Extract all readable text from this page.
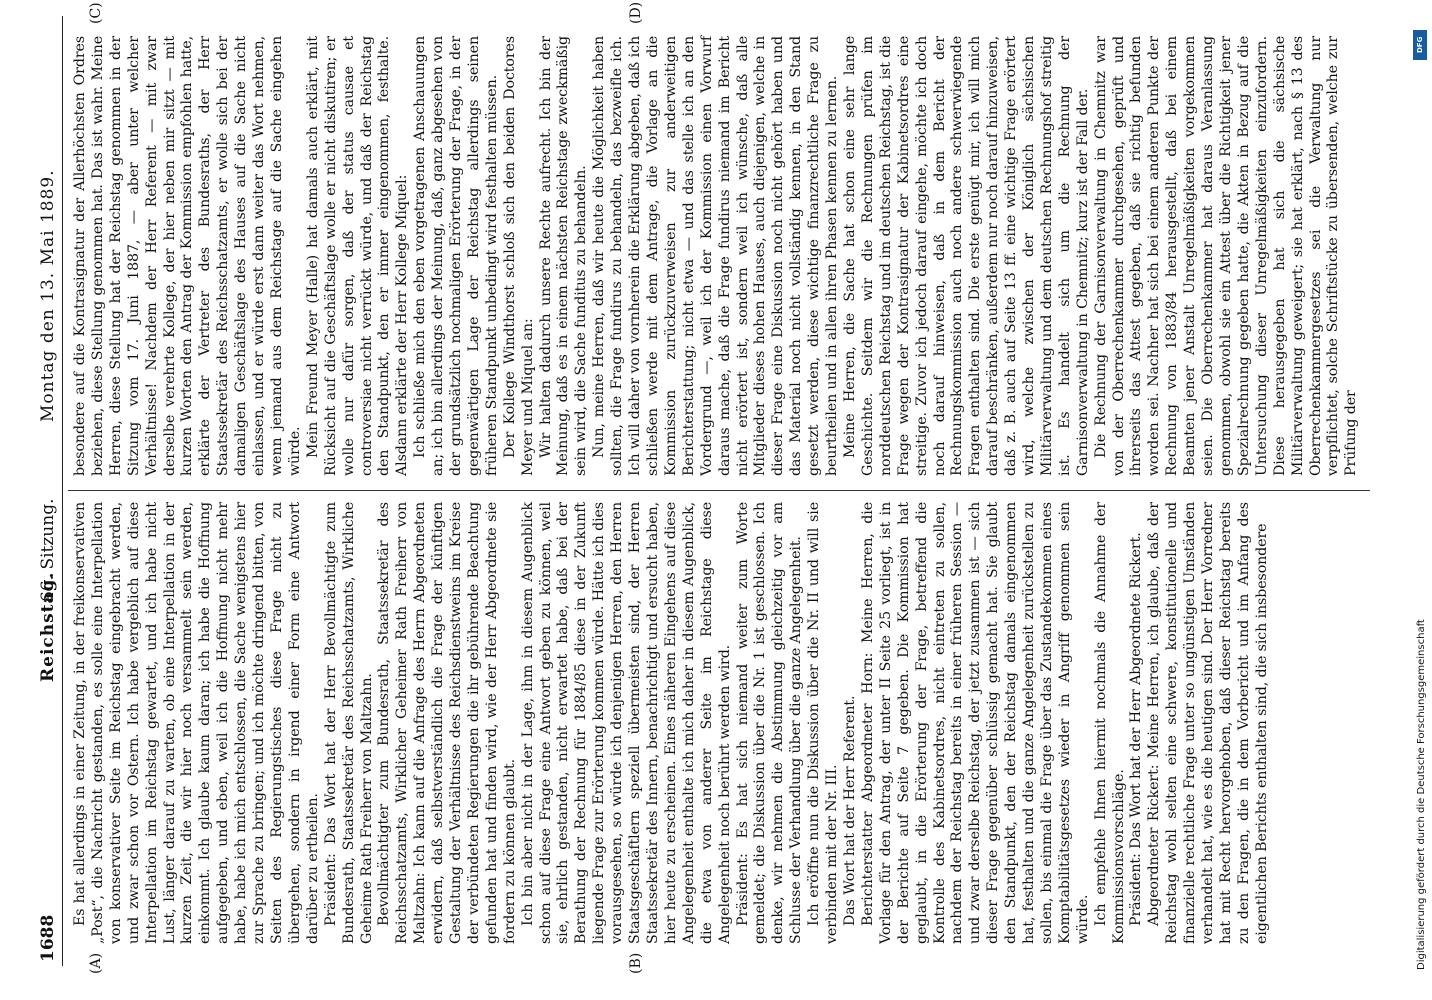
1688
Reichstag.
66. Sitzung.
Montag den 13. Mai 1889.
(A)	(B)
(C)	(D)

Es hat allerdings in einer Zeitung, in der freikonservativen „Post“, die Nachricht gestanden, es solle eine Interpellation von konservativer Seite im Reichstag eingebracht werden, und zwar schon vor Ostern. Ich habe vergeblich auf diese Interpellation im Reichstag gewartet, und ich habe nicht Lust, länger darauf zu warten, ob eine Interpellation in der kurzen Zeit, die wir hier noch versammelt sein werden, einkommt. Ich glaube kaum daran; ich habe die Hoffnung aufgegeben, und eben, weil ich die Hoffnung nicht mehr habe, habe ich mich entschlossen, die Sache wenigstens hier zur Sprache zu bringen; und ich möchte dringend bitten, von Seiten des Regierungstisches diese Frage nicht zu übergehen, sondern in irgend einer Form eine Antwort darüber zu ertheilen. Präsident: Das Wort hat der Herr Bevollmächtigte zum Bundesrath, Staatssekretär des Reichsschatzamts, Wirkliche Geheime Rath Freiherr von Maltzahn. Bevollmächtigter zum Bundesrath, Staatssekretär des Reichsschatzamts, Wirklicher Geheimer Rath Freiherr von Maltzahn: Ich kann auf die Anfrage des Herrn Abgeordneten erwidern, daß selbstverständlich die Frage der künftigen Gestaltung der Verhältnisse des Reichsdienstweins im Kreise der verbündeten Regierungen die ihr gebührende Beachtung gefunden hat und finden wird, wie der Herr Abgeordnete sie fordern zu können glaubt. Ich bin aber nicht in der Lage, ihm in diesem Augenblick schon auf diese Frage eine Antwort geben zu können, weil sie, ehrlich gestanden, nicht erwartet habe, daß bei der Berathung der Rechnung für 1884/85 diese in der Zukunft liegende Frage zur Erörterung kommen würde. Hätte ich dies vorausgesehen, so würde ich denjenigen Herren, den Herren Staatsgeschäftlern speziell übermeisten sind, der Herren Staatssekretär des Innern, benachrichtigt und ersucht haben, hier heute zu erscheinen. Eines näheren Eingehens auf diese Angelegenheit enthalte ich mich daher in diesem Augenblick, die etwa von anderer Seite im Reichstage diese Angelegenheit noch berührt werden wird. Präsident: Es hat sich niemand weiter zum Worte gemeldet; die Diskussion über die Nr. 1 ist geschlossen. Ich denke, wir nehmen die Abstimmung gleichzeitig vor am Schlusse der Verhandlung über die ganze Angelegenheit. Ich eröffne nun die Diskussion über die Nr. II und will sie verbinden mit der Nr. III. Das Wort hat der Herr Referent. Berichterstatter Abgeordneter Horn: Meine Herren, die Vorlage für den Antrag, der unter II Seite 25 vorliegt, ist in der Berichte auf Seite 7 gegeben. Die Kommission hat geglaubt, in die Erörterung der Frage, betreffend die Kontrolle des Kabinetsordres, nicht eintreten zu sollen, nachdem der Reichstag bereits in einer früheren Session — und zwar derselbe Reichstag, der jetzt zusammen ist — sich dieser Frage gegenüber schlüssig gemacht hat. Sie glaubt den Standpunkt, den der Reichstag damals eingenommen hat, festhalten und die ganze Angelegenheit zurückstellen zu sollen, bis einmal die Frage über das Zustandekommen eines Komptabilitätsgesetzes wieder in Angriff genommen sein würde. Ich empfehle Ihnen hiermit nochmals die Annahme der Kommissionsvorschläge. Präsident: Das Wort hat der Herr Abgeordnete Rickert. Abgeordneter Rickert: Meine Herren, ich glaube, daß der Reichstag wohl selten eine schwere, konstitutionelle und finanzielle rechtliche Frage unter so ungünstigen Umständen verhandelt hat, wie es die heutigen sind. Der Herr Vorredner hat mit Recht hervorgehoben, daß dieser Reichstag bereits zu den Fragen, die in dem Vorbericht und im Anfang des eigentlichen Berichts enthalten sind, die sich insbesondere

besondere auf die Kontrasignatur der Allerhöchsten Ordres beziehen, diese Stellung genommen hat. Das ist wahr. Meine Herren, diese Stellung hat der Reichstag genommen in der Sitzung vom 17. Juni 1887, — aber unter welcher Verhältnisse! Nachdem der Herr Referent — mit zwar derselbe verehrte Kollege, der hier neben mir sitzt — mit kurzen Worten den Antrag der Kommission empfohlen hatte, erklärte der Vertreter des Bundesraths, der Herr Staatssekretär des Reichsschatzamts, er wolle sich bei der damaligen Geschäftslage des Hauses auf die Sache nicht einlassen, und er würde erst dann weiter das Wort nehmen, wenn jemand aus dem Reichstage auf die Sache eingehen würde. Mein Freund Meyer (Halle) hat damals auch erklärt, mit Rücksicht auf die Geschäftslage wolle er nicht diskutiren; er wolle nur dafür sorgen, daß der status causae et controversiae nicht verrückt würde, und daß der Reichstag den Standpunkt, den er immer eingenommen, festhalte. Alsdann erklärte der Herr Kollege Miquel: Ich schließe mich den eben vorgetragenen Anschauungen an; ich bin allerdings der Meinung, daß, ganz abgesehen von der grundsätzlich nochmaligen Erörterung der Frage, in der gegenwärtigen Lage der Reichstag allerdings seinen früheren Standpunkt unbedingt wird festhalten müssen. Der Kollege Windthorst schloß sich den beiden Doctores Meyer und Miquel an: Wir halten dadurch unsere Rechte aufrecht. Ich bin der Meinung, daß es in einem nächsten Reichstage zweckmäßig sein wird, die Sache funditus zu behandeln. Nun, meine Herren, daß wir heute die Möglichkeit haben sollten, die Frage fundirus zu behandeln, das bezweifle ich. Ich will daher von vornherein die Erklärung abgeben, daß ich schließen werde mit dem Antrage, die Vorlage an die Kommission zurückzuverweisen zur anderweitigen Berichterstattung; nicht etwa — und das stelle ich an den Vordergrund —, weil ich der Kommission einen Vorwurf daraus mache, daß die Frage fundirus niemand im Bericht nicht erörtert ist, sondern weil ich wünsche, daß alle Mitglieder dieses hohen Hauses, auch diejenigen, welche in dieser Frage eine Diskussion noch nicht gehört haben und das Material noch nicht vollständig kennen, in den Stand gesetzt werden, diese wichtige finanzrechtliche Frage zu beurtheilen und in allen ihren Phasen kennen zu lernen. Meine Herren, die Sache hat schon eine sehr lange Geschichte. Seitdem wir die Rechnungen prüfen im norddeutschen Reichstag und im deutschen Reichstag, ist die Frage wegen der Kontrasignatur der Kabinetsordres eine streitige. Zuvor ich jedoch darauf eingehe, möchte ich doch noch darauf hinweisen, daß in dem Bericht der Rechnungskommission auch noch andere schwerwiegende Fragen enthalten sind. Die erste genügt mir, ich will mich darauf beschränken, außerdem nur noch darauf hinzuweisen, daß z. B. auch auf Seite 13 ff. eine wichtige Frage erörtert wird, welche zwischen der Königlich sächsischen Militärverwaltung und dem deutschen Rechnungshof streitig ist. Es handelt sich um die Rechnung der Garnisonverwaltung in Chemnitz; kurz ist der Fall der. Die Rechnung der Garnisonverwaltung in Chemnitz war von der Oberrechenkammer durchgesehen, geprüft und ihrerseits das Attest gegeben, daß sie richtig befunden worden sei. Nachher hat sich bei einem anderen Punkte der Rechnung von 1883/84 herausgestellt, daß bei einem Beamten jener Anstalt Unregelmäßigkeiten vorgekommen seien. Die Oberrechenkammer hat daraus Veranlassung genommen, obwohl sie ein Attest über die Richtigkeit jener Spezialrechnung gegeben hatte, die Akten in Bezug auf die Untersuchung dieser Unregelmäßigkeiten einzufordern. Diese herausgegeben hat sich die sächsische Militärverwaltung geweigert; sie hat erklärt, nach § 13 des Oberrechenkammergesetzes sei die Verwaltung nur verpflichtet, solche Schriftstücke zu übersenden, welche zur Prüfung der

DFG
Digitalisierung gefördert durch die Deutsche Forschungsgemeinschaft
